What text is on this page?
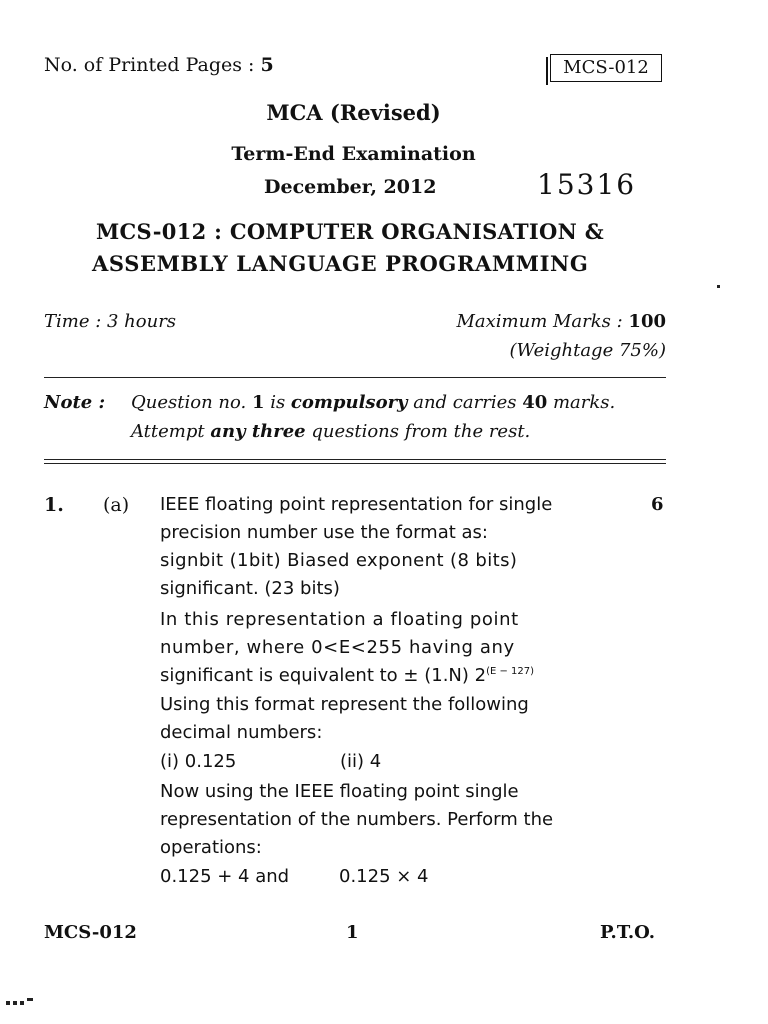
No. of Printed Pages : 5	MCS-012
MCA (Revised)
Term-End Examination
December, 2012	15316
MCS-012 : COMPUTER ORGANISATION &
ASSEMBLY LANGUAGE PROGRAMMING
Time : 3 hours	Maximum Marks : 100
(Weightage 75%)
Note : Question no. 1 is compulsory and carries 40 marks.
Attempt any three questions from the rest.
1. (a)	6
IEEE floating point representation for single
precision number use the format as:
signbit (1bit) Biased exponent (8 bits)
significant. (23 bits)
In this representation a floating point
number, where 0<E<255 having any
significant is equivalent to ± (1.N) $2^{(E - 127)}$
Using this format represent the following
decimal numbers:
(i) 0.125	(ii) 4
Now using the IEEE floating point single
representation of the numbers. Perform the
operations:
0.125 + 4 and	0.125 × 4
MCS-012	1	P.T.O.
